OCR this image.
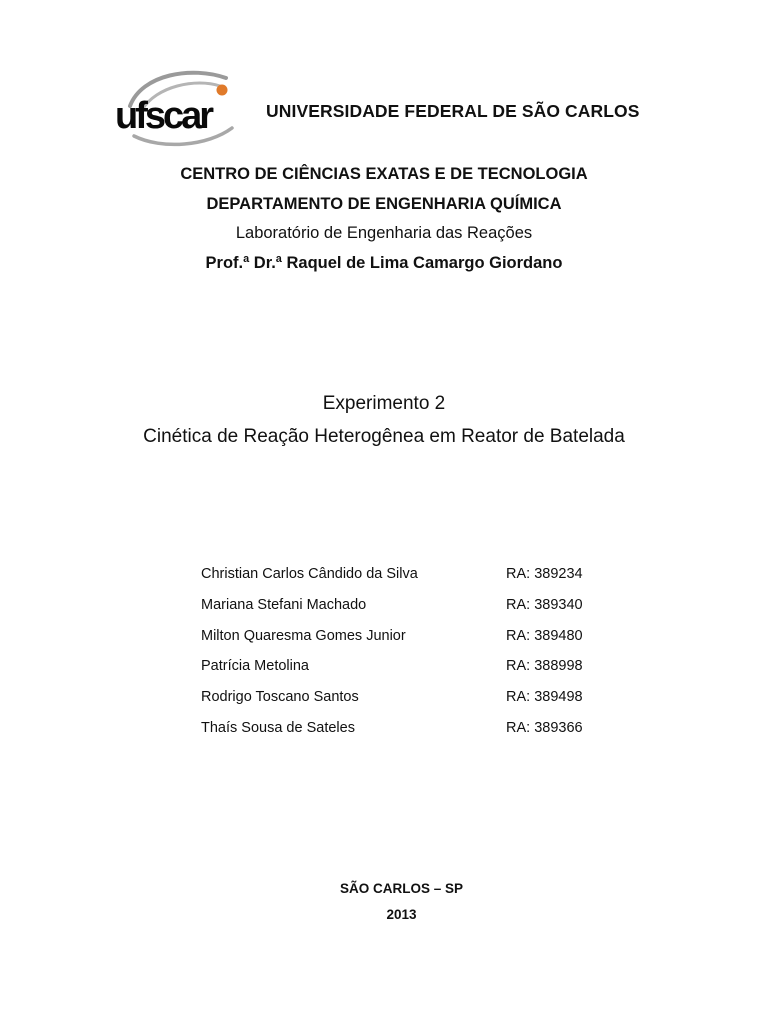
ufscar	UNIVERSIDADE FEDERAL DE SÃO CARLOS
CENTRO DE CIÊNCIAS EXATAS E DE TECNOLOGIA
DEPARTAMENTO DE ENGENHARIA QUÍMICA
Laboratório de Engenharia das Reações
Prof.ª Dr.ª Raquel de Lima Camargo Giordano
Experimento 2
Cinética de Reação Heterogênea em Reator de Batelada
Christian Carlos Cândido da Silva	RA: 389234
Mariana Stefani Machado	RA: 389340
Milton Quaresma Gomes Junior	RA: 389480
Patrícia Metolina	RA: 388998
Rodrigo Toscano Santos	RA: 389498
Thaís Sousa de Sateles	RA: 389366
SÃO CARLOS – SP
2013
